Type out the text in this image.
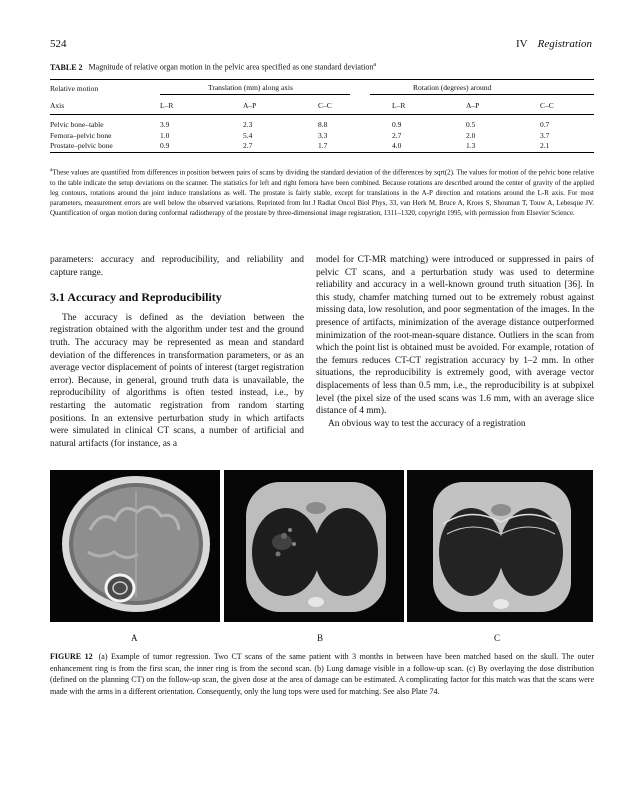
524	IV Registration
TABLE 2 Magnitude of relative organ motion in the pelvic area specified as one standard deviation$^a$
Relative motion	Translation (mm) along axis	Rotation (degrees) around
Axis	L–R	A–P	C–C	L–R	A–P	C–C
Pelvic bone–table	3.9	2.3	8.8	0.9	0.5	0.7
Femora–pelvic bone	1.0	5.4	3.3	2.7	2.0	3.7
Prostate–pelvic bone	0.9	2.7	1.7	4.0	1.3	2.1
$^a$These values are quantified from differences in position between pairs of scans by dividing the standard deviation of the differences by sqrt(2). The values for motion of the pelvic bone relative to the table indicate the setup deviations on the scanner. The statistics for left and right femora have been combined. Because rotations are described around the center of gravity of the applied leg contours, rotations around the joint induce translations as well. The prostate is fairly stable, except for translations in the A-P direction and rotations around the L-R axis. For most parameters, measurement errors are well below the observed variations. Reprinted from Int J Radiat Oncol Biol Phys, 33, van Herk M, Bruce A, Kroes S, Shouman T, Touw A, Lebesque JV. Quantification of organ motion during conformal radiotherapy of the prostate by three-dimensional image registration, 1311–1320, copyright 1995, with permission from Elsevier Science.

parameters: accuracy and reproducibility, and reliability and capture range.

3.1 Accuracy and Reproducibility

The accuracy is defined as the deviation between the registration obtained with the algorithm under test and the ground truth. The accuracy may be represented as mean and standard deviation of the differences in transformation parameters, or as an average vector displacement of points of interest (target registration error). Because, in general, ground truth data is unavailable, the reproducibility of algorithms is often tested instead, i.e., by restarting the automatic registration from random starting positions. In an extensive perturbation study in which artifacts were simulated in clinical CT scans, a number of artificial and natural artifacts (for instance, as a

model for CT-MR matching) were introduced or suppressed in pairs of pelvic CT scans, and a perturbation study was used to determine reliability and accuracy in a well-known ground truth situation [36]. In this study, chamfer matching turned out to be extremely robust against missing data, low resolution, and poor segmentation of the images. In the presence of artifacts, minimization of the average distance outperformed minimization of the root-mean-square distance. Outliers in the scan from which the point list is obtained must be avoided. For example, rotation of the femurs reduces CT-CT registration accuracy by 1–2 mm. In other situations, the reproducibility is extremely good, with average vector displacements of less than 0.5 mm, i.e., the reproducibility is at subpixel level (the pixel size of the used scans was 1.6 mm, with an average slice distance of 4 mm).

An obvious way to test the accuracy of a registration

A	B	C
FIGURE 12 (a) Example of tumor regression. Two CT scans of the same patient with 3 months in between have been matched based on the skull. The outer enhancement ring is from the first scan, the inner ring is from the second scan. (b) Lung damage visible in a follow-up scan. (c) By overlaying the dose distribution (defined on the planning CT) on the follow-up scan, the given dose at the area of damage can be estimated. A complicating factor for this match was that the scans were made with the arms in a different orientation. Consequently, only the lung tops were used for matching. See also Plate 74.
